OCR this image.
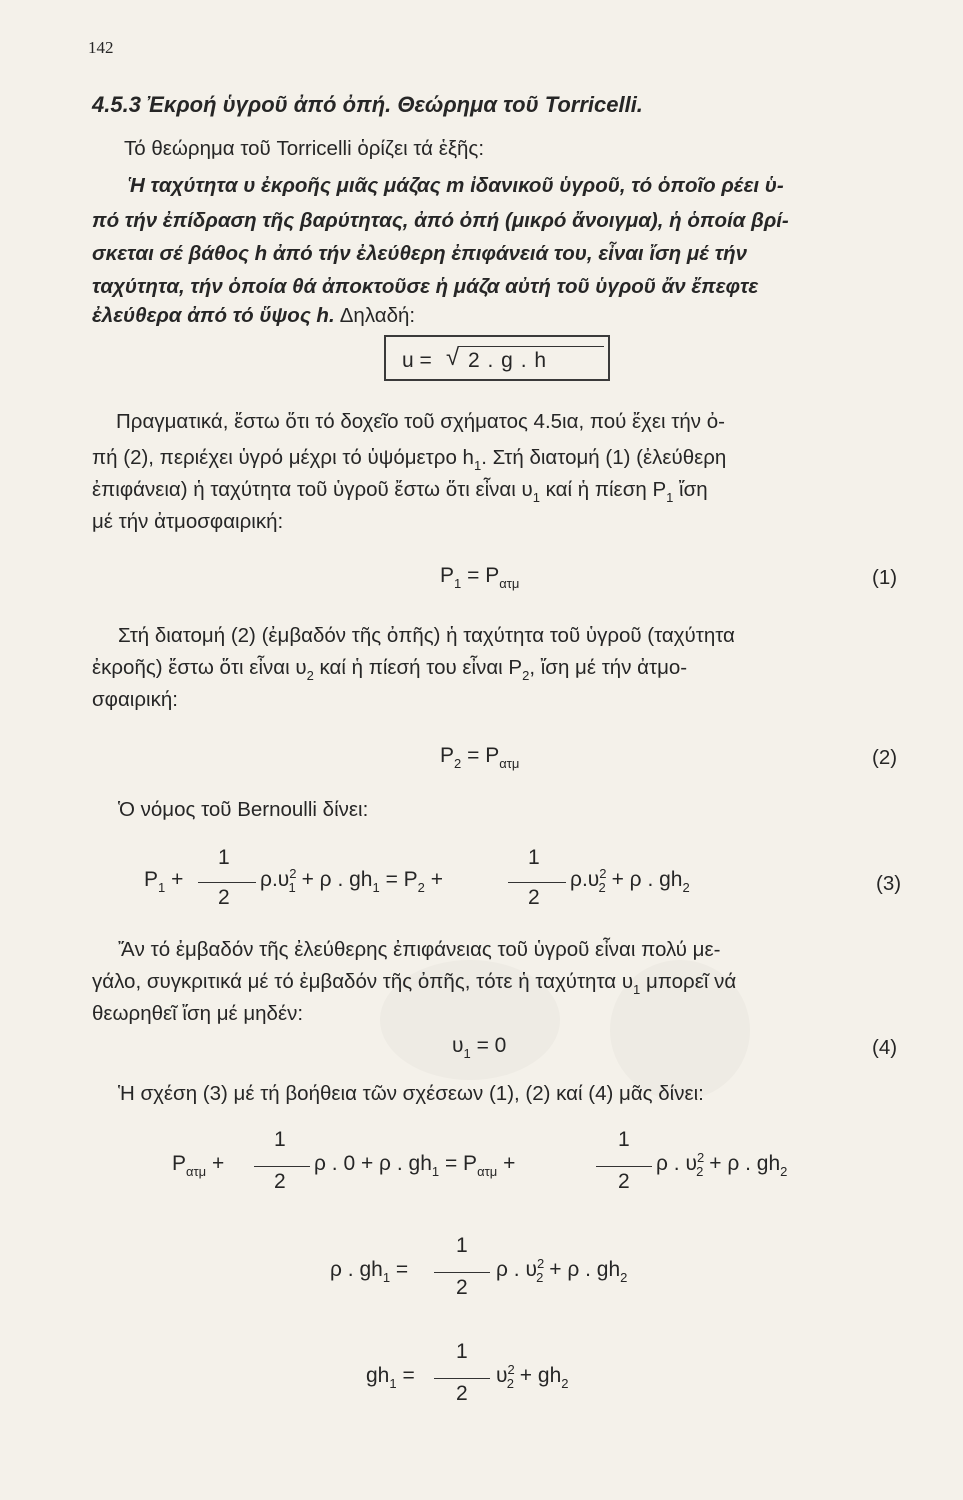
142
4.5.3 Ἐκροή ὑγροῦ ἀπό ὀπή. Θεώρημα τοῦ Torricelli.
Τό θεώρημα τοῦ Torricelli ὁρίζει τά ἑξῆς:
Ἡ ταχύτητα υ ἐκροῆς μιᾶς μάζας m ἰδανικοῦ ὑγροῦ, τό ὁποῖο ρέει ὑ-
πό τήν ἐπίδραση τῆς βαρύτητας, ἀπό ὀπή (μικρό ἄνοιγμα), ἡ ὁποία βρί-
σκεται σέ βάθος h ἀπό τήν ἐλεύθερη ἐπιφάνειά του, εἶναι ἴση μέ τήν
ταχύτητα, τήν ὁποία θά ἀποκτοῦσε ἡ μάζα αὐτή τοῦ ὑγροῦ ἄν ἔπεφτε
ἐλεύθερα ἀπό τό ὕψος h. Δηλαδή:
u = √ 2 . g . h
Πραγματικά, ἔστω ὅτι τό δοχεῖο τοῦ σχήματος 4.5ια, πού ἔχει τήν ὀ-
πή (2), περιέχει ὑγρό μέχρι τό ὑψόμετρο $h_1$. Στή διατομή (1) (ἐλεύθερη
ἐπιφάνεια) ἡ ταχύτητα τοῦ ὑγροῦ ἔστω ὅτι εἶναι $\upsilon_1$ καί ἡ πίεση $P_1$ ἴση
μέ τήν ἀτμοσφαιρική:
$P_1 = P_{\alpha\tau\mu}$	(1)
Στή διατομή (2) (ἐμβαδόν τῆς ὀπῆς) ἡ ταχύτητα τοῦ ὑγροῦ (ταχύτητα
ἐκροῆς) ἔστω ὅτι εἶναι $\upsilon_2$ καί ἡ πίεσή του εἶναι $P_2$, ἴση μέ τήν ἀτμο-
σφαιρική:
$P_2 = P_{\alpha\tau\mu}$	(2)
Ὁ νόμος τοῦ Bernoulli δίνει:
$P_1$ +
1
2
$\rho.\upsilon^2_1 + \rho$ . $gh_1 = P_2$ +
1
2
$\rho.\upsilon^2_2 + \rho$ . $gh_2$	(3)
Ἄν τό ἐμβαδόν τῆς ἐλεύθερης ἐπιφάνειας τοῦ ὑγροῦ εἶναι πολύ με-
γάλο, συγκριτικά μέ τό ἐμβαδόν τῆς ὀπῆς, τότε ἡ ταχύτητα $\upsilon_1$ μπορεῖ νά
θεωρηθεῖ ἴση μέ μηδέν:
$\upsilon_1 = 0$	(4)
Ἡ σχέση (3) μέ τή βοήθεια τῶν σχέσεων (1), (2) καί (4) μᾶς δίνει:
$P_{\alpha\tau\mu}$ +
1
2
ρ . 0 + ρ . $gh_1 = P_{\alpha\tau\mu}$ +
1
2
ρ . $\upsilon^2_2 + \rho$ . $gh_2$
ρ . $gh_1$ =
1
2
ρ . $\upsilon^2_2 + \rho$ . $gh_2$
$gh_1$ =
1
2
$\upsilon^2_2 + gh_2$
